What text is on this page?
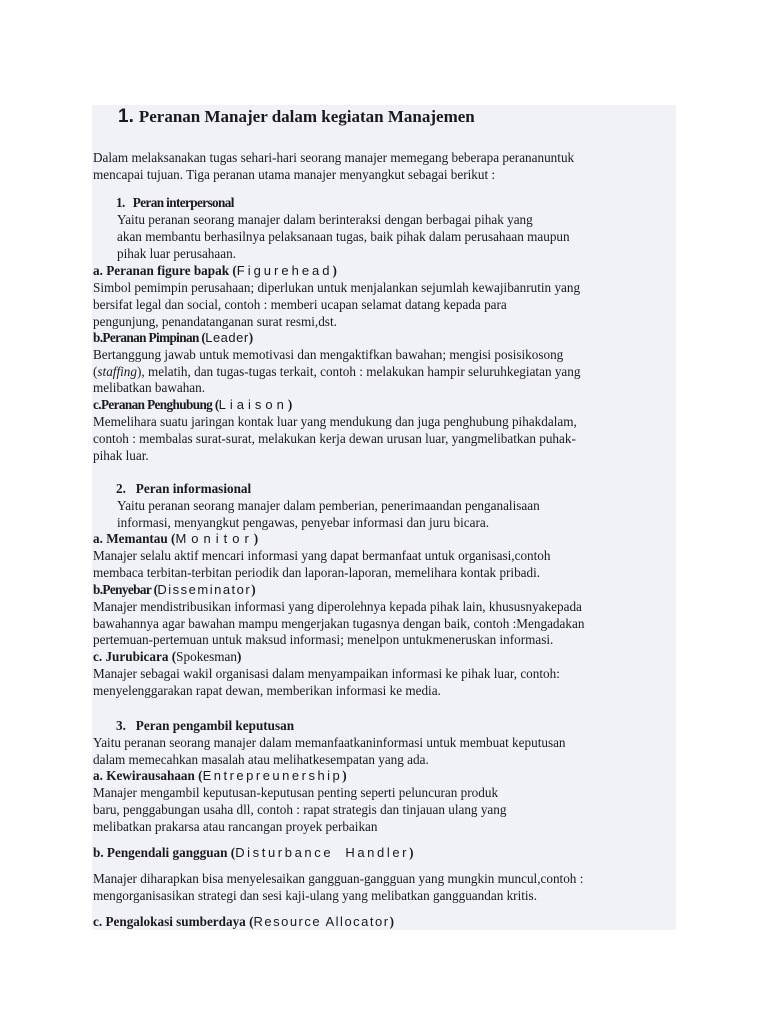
1. Peranan Manajer dalam kegiatan Manajemen
Dalam melaksanakan tugas sehari-hari seorang manajer memegang beberapa perananuntuk
mencapai tujuan. Tiga peranan utama manajer menyangkut sebagai berikut :
1. Peran interpersonal
Yaitu peranan seorang manajer dalam berinteraksi dengan berbagai pihak yang
akan membantu berhasilnya pelaksanaan tugas, baik pihak dalam perusahaan maupun
pihak luar perusahaan.
a. Peranan figure bapak (Figurehead)
Simbol pemimpin perusahaan; diperlukan untuk menjalankan sejumlah kewajibanrutin yang
bersifat legal dan social, contoh : memberi ucapan selamat datang kepada para
pengunjung, penandatanganan surat resmi,dst.
b.Peranan Pimpinan (Leader)
Bertanggung jawab untuk memotivasi dan mengaktifkan bawahan; mengisi posisikosong
(staffing), melatih, dan tugas-tugas terkait, contoh : melakukan hampir seluruhkegiatan yang
melibatkan bawahan.
c.Peranan Penghubung (Liaison)
Memelihara suatu jaringan kontak luar yang mendukung dan juga penghubung pihakdalam,
contoh : membalas surat-surat, melakukan kerja dewan urusan luar, yangmelibatkan puhak-
pihak luar.
2. Peran informasional
Yaitu peranan seorang manajer dalam pemberian, penerimaandan penganalisaan
informasi, menyangkut pengawas, penyebar informasi dan juru bicara.
a. Memantau (Monitor)
Manajer selalu aktif mencari informasi yang dapat bermanfaat untuk organisasi,contoh
membaca terbitan-terbitan periodik dan laporan-laporan, memelihara kontak pribadi.
b.Penyebar (Disseminator)
Manajer mendistribusikan informasi yang diperolehnya kepada pihak lain, khususnyakepada
bawahannya agar bawahan mampu mengerjakan tugasnya dengan baik, contoh :Mengadakan
pertemuan-pertemuan untuk maksud informasi; menelpon untukmeneruskan informasi.
c. Jurubicara (Spokesman)
Manajer sebagai wakil organisasi dalam menyampaikan informasi ke pihak luar, contoh:
menyelenggarakan rapat dewan, memberikan informasi ke media.
3. Peran pengambil keputusan
Yaitu peranan seorang manajer dalam memanfaatkaninformasi untuk membuat keputusan
dalam memecahkan masalah atau melihatkesempatan yang ada.
a. Kewirausahaan (Entrepreunership)
Manajer mengambil keputusan-keputusan penting seperti peluncuran produk
baru, penggabungan usaha dll, contoh : rapat strategis dan tinjauan ulang yang
melibatkan prakarsa atau rancangan proyek perbaikan
b. Pengendali gangguan (Disturbance Handler)
Manajer diharapkan bisa menyelesaikan gangguan-gangguan yang mungkin muncul,contoh :
mengorganisasikan strategi dan sesi kaji-ulang yang melibatkan gangguandan kritis.
c. Pengalokasi sumberdaya (Resource Allocator)
